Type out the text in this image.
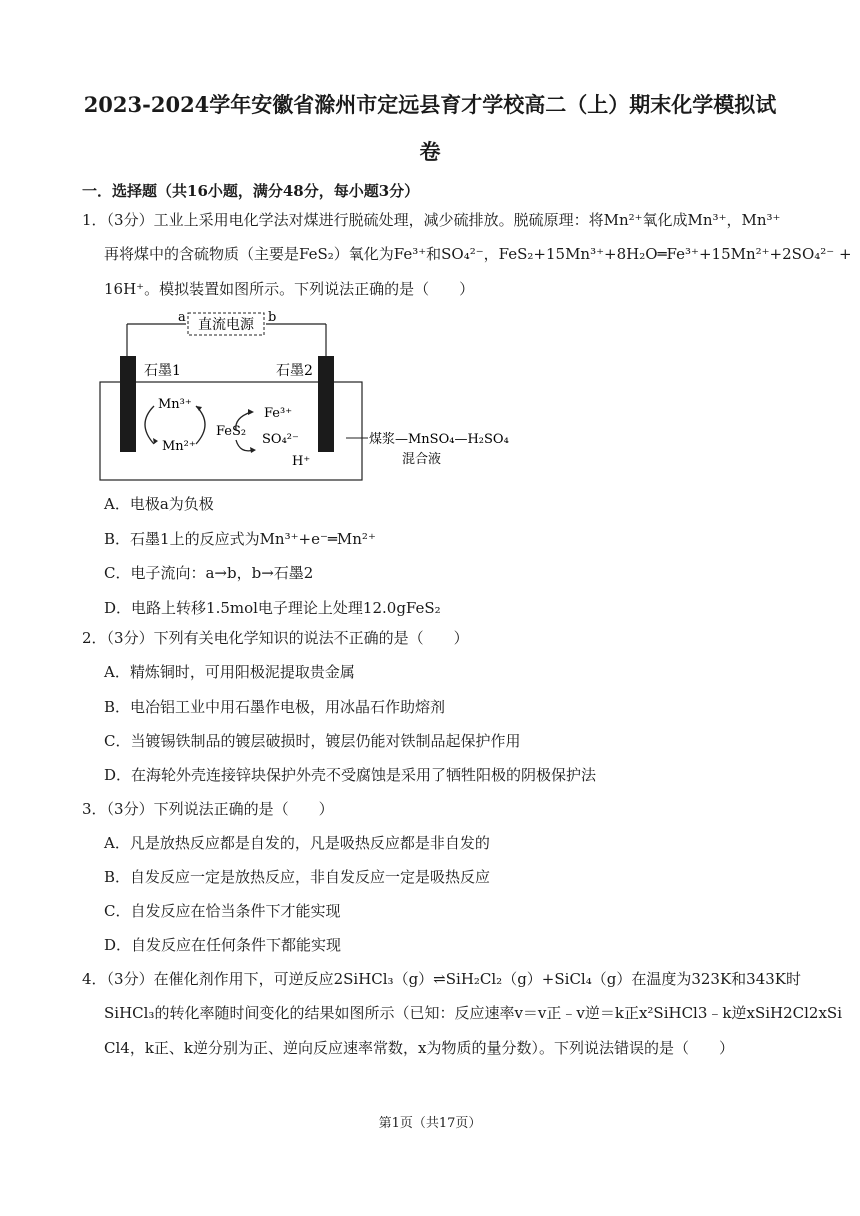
2023-2024学年安徽省滁州市定远县育才学校高二（上）期末化学模拟试
卷
一．选择题（共16小题，满分48分，每小题3分）
1．（3分）工业上采用电化学法对煤进行脱硫处理，减少硫排放。脱硫原理：将Mn²⁺氧化成Mn³⁺，Mn³⁺
再将煤中的含硫物质（主要是FeS₂）氧化为Fe³⁺和SO₄²⁻，FeS₂+15Mn³⁺+8H₂O═Fe³⁺+15Mn²⁺+2SO₄²⁻ +
16H⁺。模拟装置如图所示。下列说法正确的是（　　）
a	b
直流电源
石墨1	石墨2
Mn³⁺
Mn²⁺
FeS₂
Fe³⁺
SO₄²⁻
H⁺
煤浆—MnSO₄—H₂SO₄
混合液
A．电极a为负极
B．石墨1上的反应式为Mn³⁺+e⁻═Mn²⁺
C．电子流向：a→b，b→石墨2
D．电路上转移1.5mol电子理论上处理12.0gFeS₂
2．（3分）下列有关电化学知识的说法不正确的是（　　）
A．精炼铜时，可用阳极泥提取贵金属
B．电冶铝工业中用石墨作电极，用冰晶石作助熔剂
C．当镀锡铁制品的镀层破损时，镀层仍能对铁制品起保护作用
D．在海轮外壳连接锌块保护外壳不受腐蚀是采用了牺牲阳极的阴极保护法
3．（3分）下列说法正确的是（　　）
A．凡是放热反应都是自发的，凡是吸热反应都是非自发的
B．自发反应一定是放热反应，非自发反应一定是吸热反应
C．自发反应在恰当条件下才能实现
D．自发反应在任何条件下都能实现
4．（3分）在催化剂作用下，可逆反应2SiHCl₃（g）⇌SiH₂Cl₂（g）+SiCl₄（g）在温度为323K和343K时
SiHCl₃的转化率随时间变化的结果如图所示（已知：反应速率v＝v正﹣v逆＝k正x²SiHCl3﹣k逆xSiH2Cl2xSi
Cl4，k正、k逆分别为正、逆向反应速率常数，x为物质的量分数）。下列说法错误的是（　　）
第1页（共17页）
